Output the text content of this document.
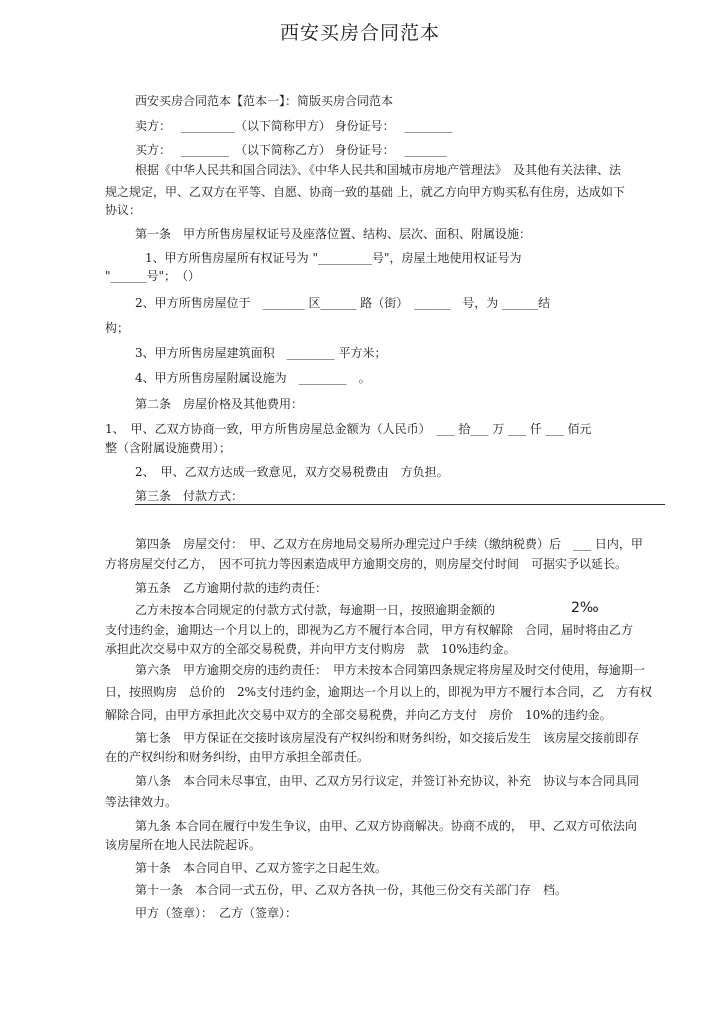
西安买房合同范本
西安买房合同范本【范本一】：简版买房合同范本
卖方：　 _________（以下简称甲方） 身份证号：　 ________
买方：　 ________　（以下简称乙方） 身份证号：　 _______
根据《中华人民共和国合同法》、《中华人民共和国城市房地产管理法》　及其他有关法律、法
规之规定，甲、乙双方在平等、自愿、协商一致的基础 上，就乙方向甲方购买私有住房，达成如下
协议：
第一条　甲方所售房屋权证号及座落位置、结构、层次、面积、附属设施：
1、甲方所售房屋所有权证号为 "_________号"，房屋土地使用权证号为
"______号"；　（）
2、甲方所售房屋位于　_______ 区______ 路（街）　______　号，为 ______结
构；
3、甲方所售房屋建筑面积　________ 平方米；
4、甲方所售房屋附属设施为　________　。
第二条　房屋价格及其他费用：
1、　甲、乙双方协商一致，甲方所售房屋总金额为（人民币）　___ 拾___ 万 ___ 仟 ___ 佰元
整（含附属设施费用）；
2、　甲、乙双方达成一致意见，双方交易税费由　方负担。
第三条　付款方式：
第四条　房屋交付：　甲、乙双方在房地局交易所办理完过户手续（缴纳税费）后　___ 日内，甲
方将房屋交付乙方，　因不可抗力等因素造成甲方逾期交房的，则房屋交付时间　可据实予以延长。
第五条　乙方逾期付款的违约责任：
乙方未按本合同规定的付款方式付款，每逾期一日，按照逾期金额的	2‰
支付违约金，逾期达一个月以上的，即视为乙方不履行本合同，甲方有权解除　合同，届时将由乙方
承担此次交易中双方的全部交易税费，并向甲方支付购房　款　10%违约金。
第六条　甲方逾期交房的违约责任：　甲方未按本合同第四条规定将房屋及时交付使用，每逾期一
日，按照购房　总价的　2%支付违约金，逾期达一个月以上的，即视为甲方不履行本合同，乙　方有权
解除合同，由甲方承担此次交易中双方的全部交易税费，并向乙方支付　房价　10%的违约金。
第七条　甲方保证在交接时该房屋没有产权纠纷和财务纠纷，如交接后发生　该房屋交接前即存
在的产权纠纷和财务纠纷，由甲方承担全部责任。
第八条　本合同未尽事宜，由甲、乙双方另行议定，并签订补充协议，补充　协议与本合同具同
等法律效力。
第九条 本合同在履行中发生争议，由甲、乙双方协商解决。协商不成的，　甲、乙双方可依法向
该房屋所在地人民法院起诉。
第十条　本合同自甲、乙双方签字之日起生效。
第十一条　本合同一式五份，甲、乙双方各执一份，其他三份交有关部门存　档。
甲方（签章）：　乙方（签章）：
